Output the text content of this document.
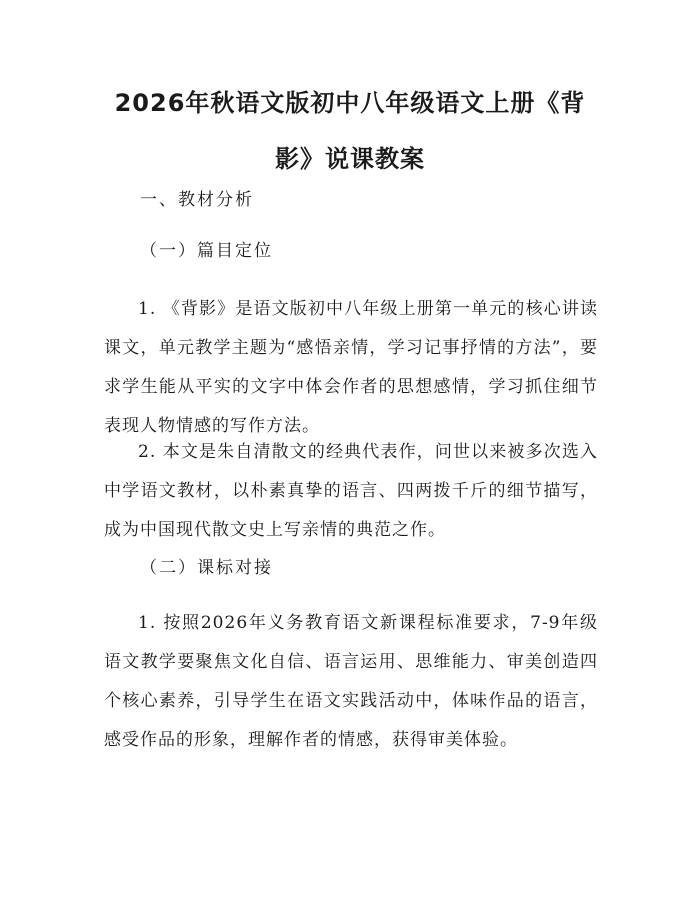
2026年秋语文版初中八年级语文上册《背影》说课教案

一、教材分析

（一）篇目定位

1. 《背影》是语文版初中八年级上册第一单元的核心讲读课文，单元教学主题为“感悟亲情，学习记事抒情的方法”，要求学生能从平实的文字中体会作者的思想感情，学习抓住细节表现人物情感的写作方法。

2. 本文是朱自清散文的经典代表作，问世以来被多次选入中学语文教材，以朴素真挚的语言、四两拨千斤的细节描写，成为中国现代散文史上写亲情的典范之作。

（二）课标对接

1. 按照2026年义务教育语文新课程标准要求，7-9年级语文教学要聚焦文化自信、语言运用、思维能力、审美创造四个核心素养，引导学生在语文实践活动中，体味作品的语言，感受作品的形象，理解作者的情感，获得审美体验。
